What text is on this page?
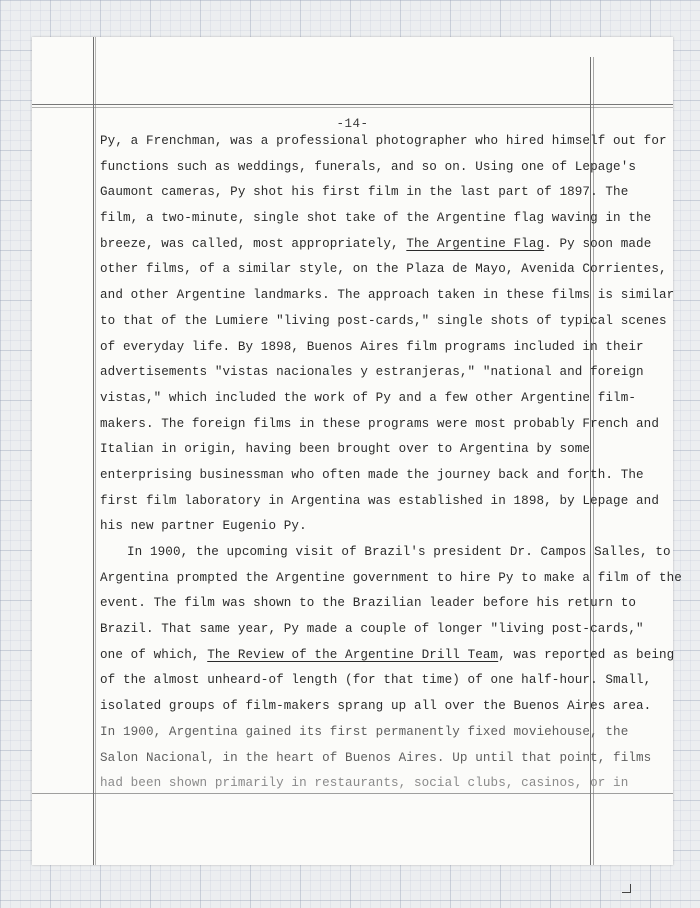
-14-
Py, a Frenchman, was a professional photographer who hired himself out for
functions such as weddings, funerals, and so on. Using one of Lepage's
Gaumont cameras, Py shot his first film in the last part of 1897. The
film, a two-minute, single shot take of the Argentine flag waving in the
breeze, was called, most appropriately, The Argentine Flag. Py soon made
other films, of a similar style, on the Plaza de Mayo, Avenida Corrientes,
and other Argentine landmarks. The approach taken in these films is similar
to that of the Lumiere "living post-cards," single shots of typical scenes
of everyday life. By 1898, Buenos Aires film programs included in their
advertisements "vistas nacionales y estranjeras," "national and foreign
vistas," which included the work of Py and a few other Argentine film-
makers. The foreign films in these programs were most probably French and
Italian in origin, having been brought over to Argentina by some
enterprising businessman who often made the journey back and forth. The
first film laboratory in Argentina was established in 1898, by Lepage and
his new partner Eugenio Py.
In 1900, the upcoming visit of Brazil's president Dr. Campos Salles, to
Argentina prompted the Argentine government to hire Py to make a film of the
event. The film was shown to the Brazilian leader before his return to
Brazil. That same year, Py made a couple of longer "living post-cards,"
one of which, The Review of the Argentine Drill Team, was reported as being
of the almost unheard-of length (for that time) of one half-hour. Small,
isolated groups of film-makers sprang up all over the Buenos Aires area.
In 1900, Argentina gained its first permanently fixed moviehouse, the
Salon Nacional, in the heart of Buenos Aires. Up until that point, films
had been shown primarily in restaurants, social clubs, casinos, or in
